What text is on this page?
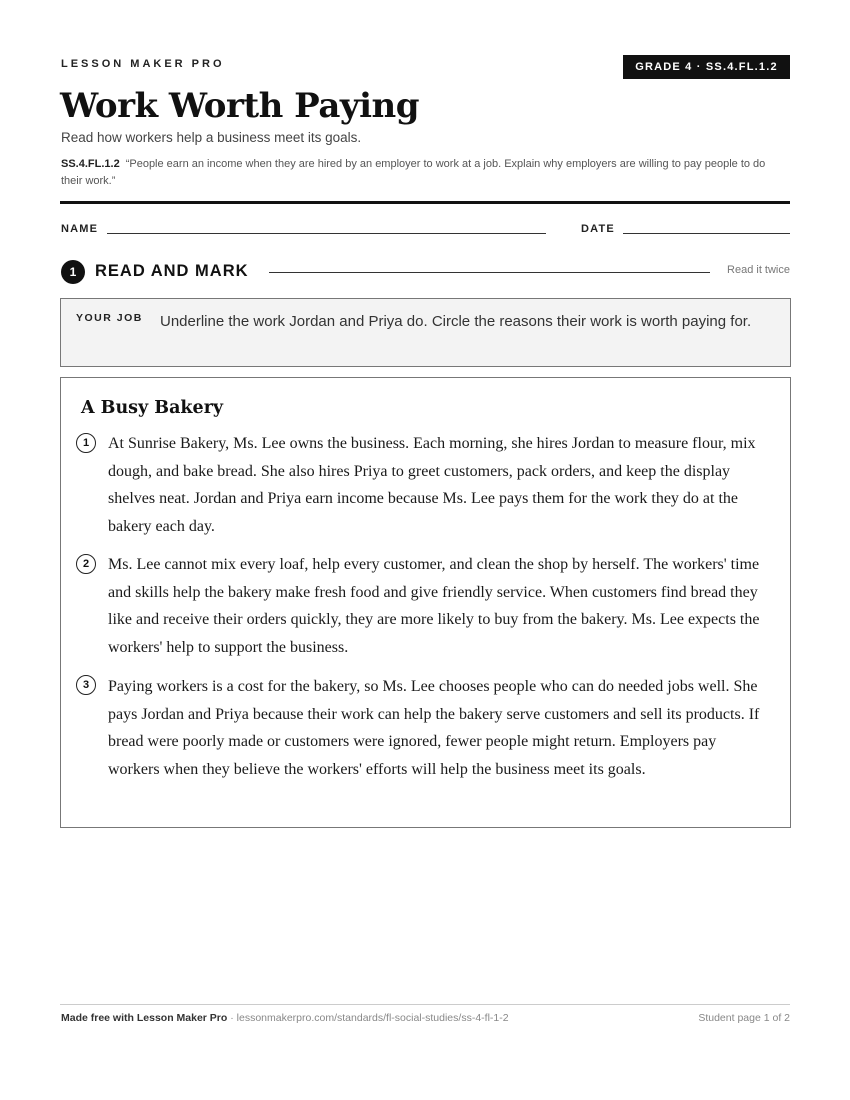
LESSON MAKER PRO	GRADE 4 · SS.4.FL.1.2
Work Worth Paying
Read how workers help a business meet its goals.
SS.4.FL.1.2 “People earn an income when they are hired by an employer to work at a job. Explain why employers are willing to pay people to do their work.”
NAME	DATE
1	READ AND MARK	Read it twice
YOUR JOB Underline the work Jordan and Priya do. Circle the reasons their work is worth paying for.
A Busy Bakery
1	At Sunrise Bakery, Ms. Lee owns the business. Each morning, she hires Jordan to measure flour, mix dough, and bake bread. She also hires Priya to greet customers, pack orders, and keep the display shelves neat. Jordan and Priya earn income because Ms. Lee pays them for the work they do at the bakery each day.
2	Ms. Lee cannot mix every loaf, help every customer, and clean the shop by herself. The workers' time and skills help the bakery make fresh food and give friendly service. When customers find bread they like and receive their orders quickly, they are more likely to buy from the bakery. Ms. Lee expects the workers' help to support the business.
3	Paying workers is a cost for the bakery, so Ms. Lee chooses people who can do needed jobs well. She pays Jordan and Priya because their work can help the bakery serve customers and sell its products. If bread were poorly made or customers were ignored, fewer people might return. Employers pay workers when they believe the workers' efforts will help the business meet its goals.
Made free with Lesson Maker Pro · lessonmakerpro.com/standards/fl-social-studies/ss-4-fl-1-2	Student page 1 of 2
